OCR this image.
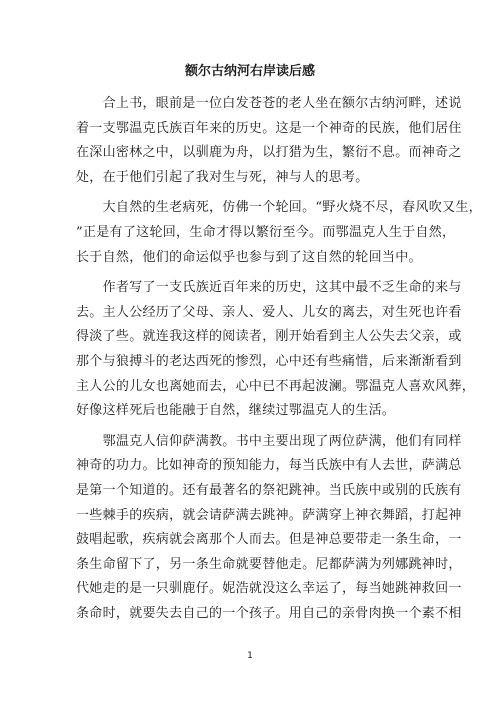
额尔古纳河右岸读后感
　　合上书，眼前是一位白发苍苍的老人坐在额尔古纳河畔，述说
着一支鄂温克氏族百年来的历史。这是一个神奇的民族，他们居住
在深山密林之中，以驯鹿为舟，以打猎为生，繁衍不息。而神奇之
处，在于他们引起了我对生与死，神与人的思考。
　　大自然的生老病死，仿佛一个轮回。“野火烧不尽，春风吹又生，
”正是有了这轮回，生命才得以繁衍至今。而鄂温克人生于自然，
长于自然，他们的命运似乎也参与到了这自然的轮回当中。
　　作者写了一支氏族近百年来的历史，这其中最不乏生命的来与
去。主人公经历了父母、亲人、爱人、儿女的离去，对生死也许看
得淡了些。就连我这样的阅读者，刚开始看到主人公失去父亲，或
那个与狼搏斗的老达西死的惨烈，心中还有些痛惜，后来渐渐看到
主人公的儿女也离她而去，心中已不再起波澜。鄂温克人喜欢风葬，
好像这样死后也能融于自然，继续过鄂温克人的生活。
　　鄂温克人信仰萨满教。书中主要出现了两位萨满，他们有同样
神奇的功力。比如神奇的预知能力，每当氏族中有人去世，萨满总
是第一个知道的。还有最著名的祭祀跳神。当氏族中或别的氏族有
一些棘手的疾病，就会请萨满去跳神。萨满穿上神衣舞蹈，打起神
鼓唱起歌，疾病就会离那个人而去。但是神总要带走一条生命，一
条生命留下了，另一条生命就要替他走。尼都萨满为列娜跳神时，
代她走的是一只驯鹿仔。妮浩就没这么幸运了，每当她跳神救回一
条命时，就要失去自己的一个孩子。用自己的亲骨肉换一个素不相
1
